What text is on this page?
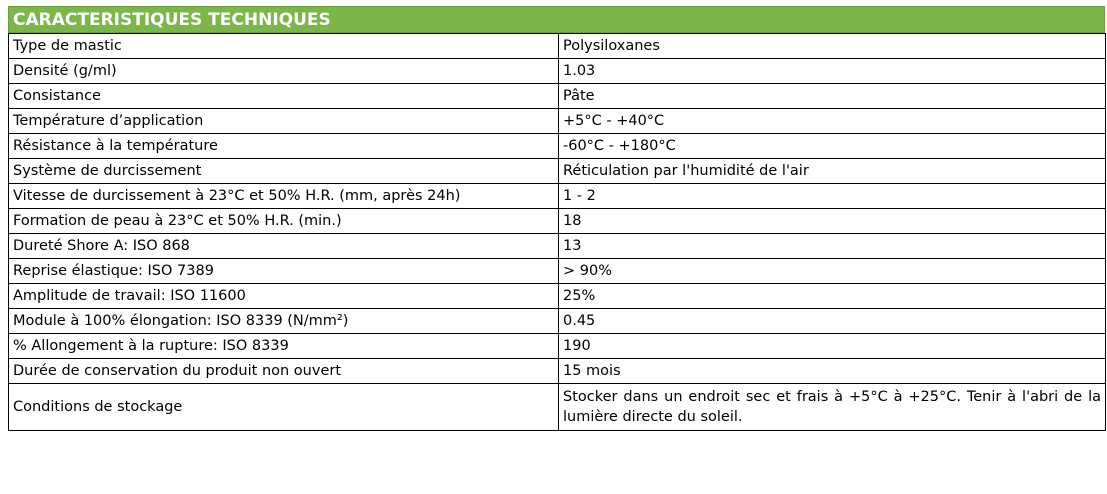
CARACTERISTIQUES TECHNIQUES
Type de mastic	Polysiloxanes
Densité (g/ml)	1.03
Consistance	Pâte
Température d’application	+5°C - +40°C
Résistance à la température	-60°C - +180°C
Système de durcissement	Réticulation par l'humidité de l'air
Vitesse de durcissement à 23°C et 50% H.R. (mm, après 24h)	1 - 2
Formation de peau à 23°C et 50% H.R. (min.)	18
Dureté Shore A: ISO 868	13
Reprise élastique: ISO 7389	> 90%
Amplitude de travail: ISO 11600	25%
Module à 100% élongation: ISO 8339 (N/mm²)	0.45
% Allongement à la rupture: ISO 8339	190
Durée de conservation du produit non ouvert	15 mois
Conditions de stockage	Stocker dans un endroit sec et frais à +5°C à +25°C. Tenir à l'abri de la lumière directe du soleil.
